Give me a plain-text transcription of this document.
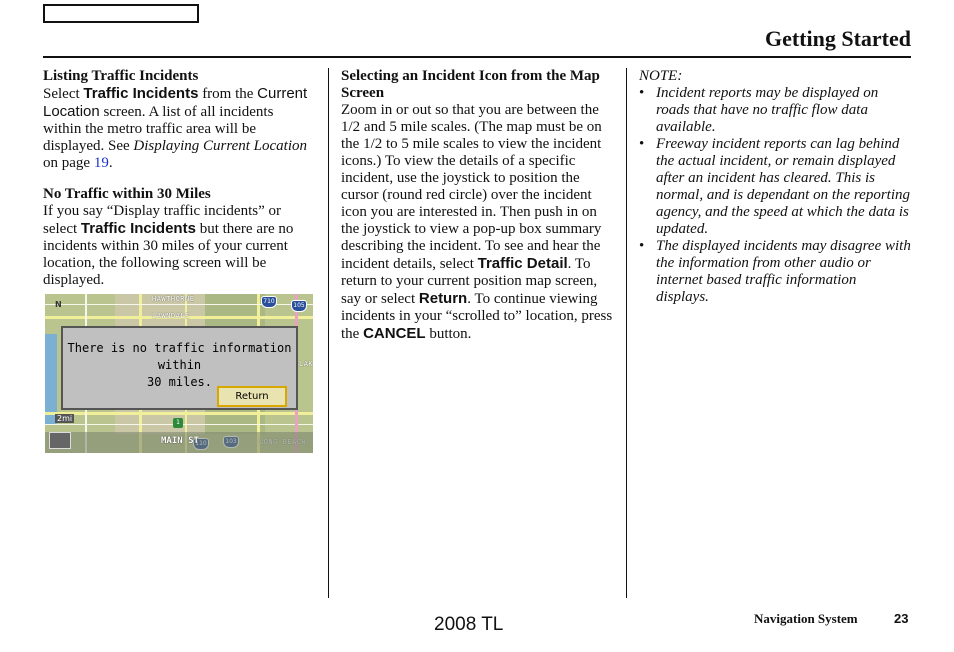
Getting Started

Listing Traffic Incidents

Select Traffic Incidents from the Current Location screen. A list of all incidents within the metro traffic area will be displayed. See Displaying Current Location on page 19.

No Traffic within 30 Miles

If you say “Display traffic incidents” or select Traffic Incidents but there are no incidents within 30 miles of your current location, the following screen will be displayed.

HAWTHORNE
LAWNDALE
LAK
710
105
1
N
There is no traffic information within
30 miles.
Return
2mi
MAIN ST

Selecting an Incident Icon from the Map Screen

Zoom in or out so that you are between the 1/2 and 5 mile scales. (The map must be on the 1/2 to 5 mile scales to view the incident icons.) To view the details of a specific incident, use the joystick to position the cursor (round red circle) over the incident icon you are interested in. Then push in on the joystick to view a pop-up box summary describing the incident. To see and hear the incident details, select Traffic Detail. To return to your current position map screen, say or select Return. To continue viewing incidents in your “scrolled to” location, press the CANCEL button.

NOTE:

• Incident reports may be displayed on roads that have no traffic flow data available.
• Freeway incident reports can lag behind the actual incident, or remain displayed after an incident has cleared. This is normal, and is dependant on the reporting agency, and the speed at which the data is updated.
• The displayed incidents may disagree with the information from other audio or internet based traffic information displays.
2008 TL	Navigation System	23
